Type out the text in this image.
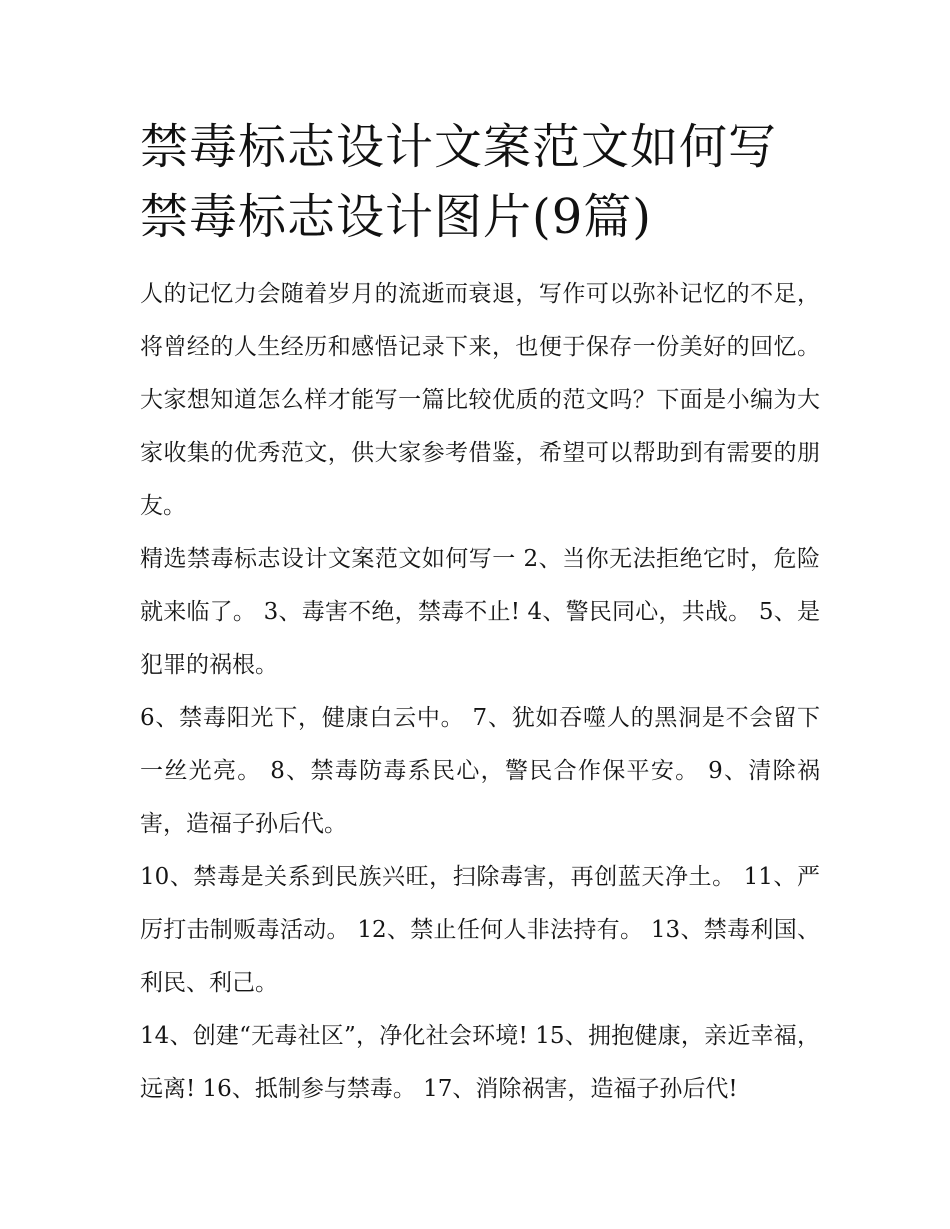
禁毒标志设计文案范文如何写
禁毒标志设计图片(9篇)

人的记忆力会随着岁月的流逝而衰退，写作可以弥补记忆的不足，将曾经的人生经历和感悟记录下来，也便于保存一份美好的回忆。大家想知道怎么样才能写一篇比较优质的范文吗？下面是小编为大家收集的优秀范文，供大家参考借鉴，希望可以帮助到有需要的朋友。

精选禁毒标志设计文案范文如何写一 2、当你无法拒绝它时，危险就来临了。 3、毒害不绝，禁毒不止! 4、警民同心，共战。 5、是犯罪的祸根。

6、禁毒阳光下，健康白云中。 7、犹如吞噬人的黑洞是不会留下一丝光亮。 8、禁毒防毒系民心，警民合作保平安。 9、清除祸害，造福子孙后代。

10、禁毒是关系到民族兴旺，扫除毒害，再创蓝天净土。 11、严厉打击制贩毒活动。 12、禁止任何人非法持有。 13、禁毒利国、利民、利己。

14、创建“无毒社区”，净化社会环境! 15、拥抱健康，亲近幸福，远离! 16、抵制参与禁毒。 17、消除祸害，造福子孙后代!
